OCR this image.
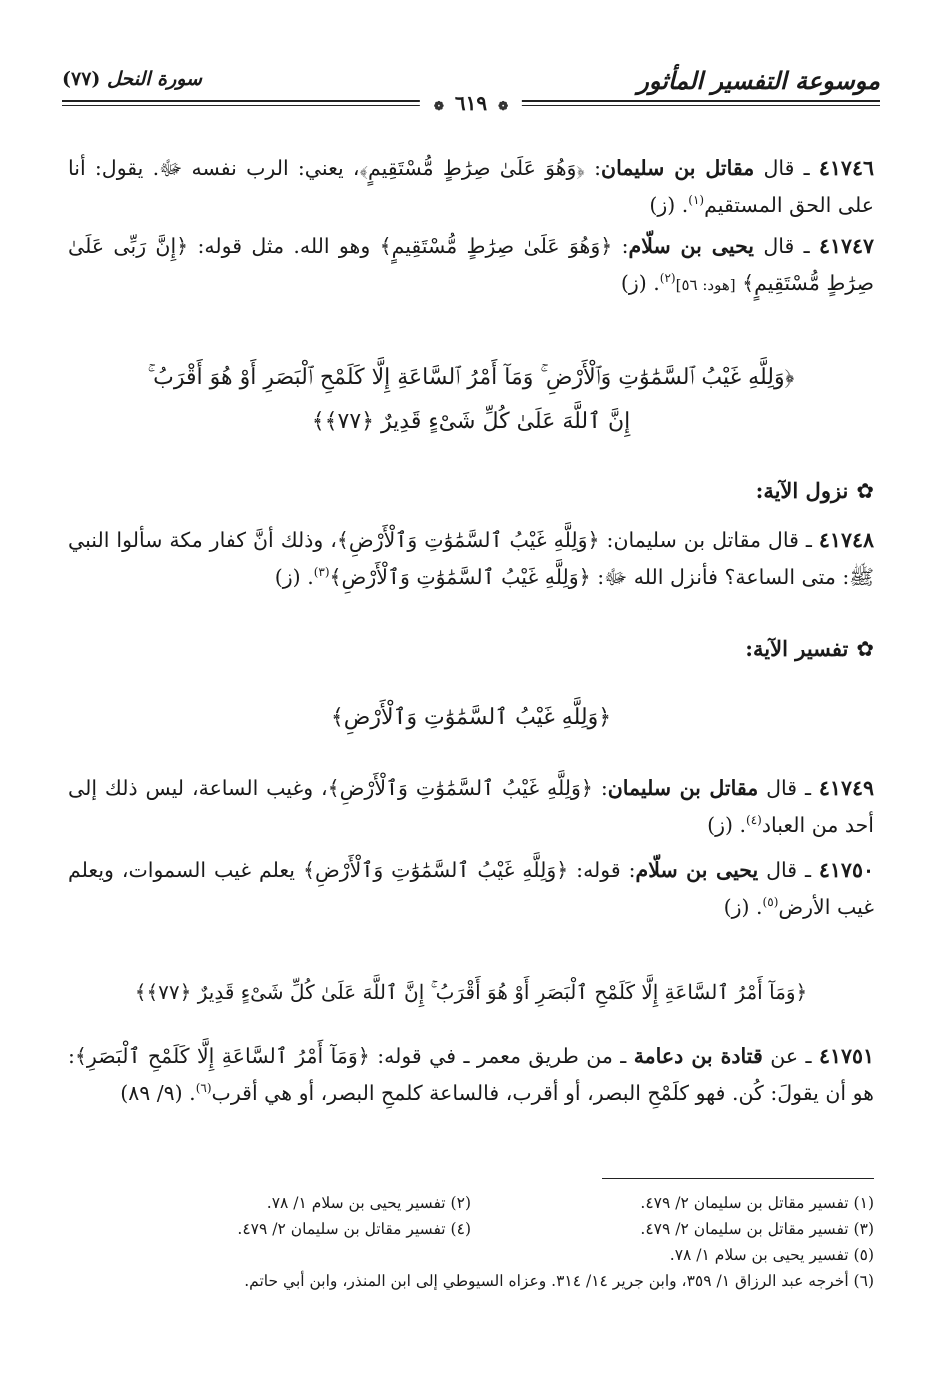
موسوعة التفسير المأثور
سورة النحل (٧٧)
❁ ٦١٩ ❁
٤١٧٤٦ ـ قال مقاتل بن سليمان: ﴿وَهُوَ عَلَىٰ صِرَٰطٍ مُّسْتَقِيمٍ﴾، يعني: الرب نفسه ﷻ. يقول: أنا على الحق المستقيم$^{(١)}$. (ز)
٤١٧٤٧ ـ قال يحيى بن سلّام: ﴿وَهُوَ عَلَىٰ صِرَٰطٍ مُّسْتَقِيمٍ﴾ وهو الله. مثل قوله: ﴿إِنَّ رَبِّى عَلَىٰ صِرَٰطٍ مُّسْتَقِيمٍ﴾ [هود: ٥٦]$^{(٢)}$. (ز)
﴿وَلِلَّهِ غَيْبُ ٱلسَّمَٰوَٰتِ وَٱلْأَرْضِ ۚ وَمَآ أَمْرُ ٱلسَّاعَةِ إِلَّا كَلَمْحِ ٱلْبَصَرِ أَوْ هُوَ أَقْرَبُ ۚ
إِنَّ ٱللَّهَ عَلَىٰ كُلِّ شَىْءٍ قَدِيرٌ ﴿٧٧﴾﴾
✿نزول الآية:
٤١٧٤٨ ـ قال مقاتل بن سليمان: ﴿وَلِلَّهِ غَيْبُ ٱلسَّمَٰوَٰتِ وَٱلْأَرْضِ﴾، وذلك أنَّ كفار مكة سألوا النبي ﷺ: متى الساعة؟ فأنزل الله ﷻ: ﴿وَلِلَّهِ غَيْبُ ٱلسَّمَٰوَٰتِ وَٱلْأَرْضِ﴾$^{(٣)}$. (ز)
✿تفسير الآية:
﴿وَلِلَّهِ غَيْبُ ٱلسَّمَٰوَٰتِ وَٱلْأَرْضِ﴾
٤١٧٤٩ ـ قال مقاتل بن سليمان: ﴿وَلِلَّهِ غَيْبُ ٱلسَّمَٰوَٰتِ وَٱلْأَرْضِ﴾، وغيب الساعة، ليس ذلك إلى أحد من العباد$^{(٤)}$. (ز)
٤١٧٥٠ ـ قال يحيى بن سلّام: قوله: ﴿وَلِلَّهِ غَيْبُ ٱلسَّمَٰوَٰتِ وَٱلْأَرْضِ﴾ يعلم غيب السموات، ويعلم غيب الأرض$^{(٥)}$. (ز)
﴿وَمَآ أَمْرُ ٱلسَّاعَةِ إِلَّا كَلَمْحِ ٱلْبَصَرِ أَوْ هُوَ أَقْرَبُ ۚ إِنَّ ٱللَّهَ عَلَىٰ كُلِّ شَىْءٍ قَدِيرٌ ﴿٧٧﴾﴾
٤١٧٥١ ـ عن قتادة بن دعامة ـ من طريق معمر ـ في قوله: ﴿وَمَآ أَمْرُ ٱلسَّاعَةِ إِلَّا كَلَمْحِ ٱلْبَصَرِ﴾: هو أن يقولَ: كُن. فهو كلَمْحِ البصر، أو أقرب، فالساعة كلمحِ البصر، أو هي أقرب$^{(٦)}$. (٩/ ٨٩)
(١) تفسير مقاتل بن سليمان ٢/ ٤٧٩.
(٢) تفسير يحيى بن سلام ١/ ٧٨.
(٣) تفسير مقاتل بن سليمان ٢/ ٤٧٩.
(٤) تفسير مقاتل بن سليمان ٢/ ٤٧٩.
(٥) تفسير يحيى بن سلام ١/ ٧٨.
(٦) أخرجه عبد الرزاق ١/ ٣٥٩، وابن جرير ١٤/ ٣١٤. وعزاه السيوطي إلى ابن المنذر، وابن أبي حاتم.
